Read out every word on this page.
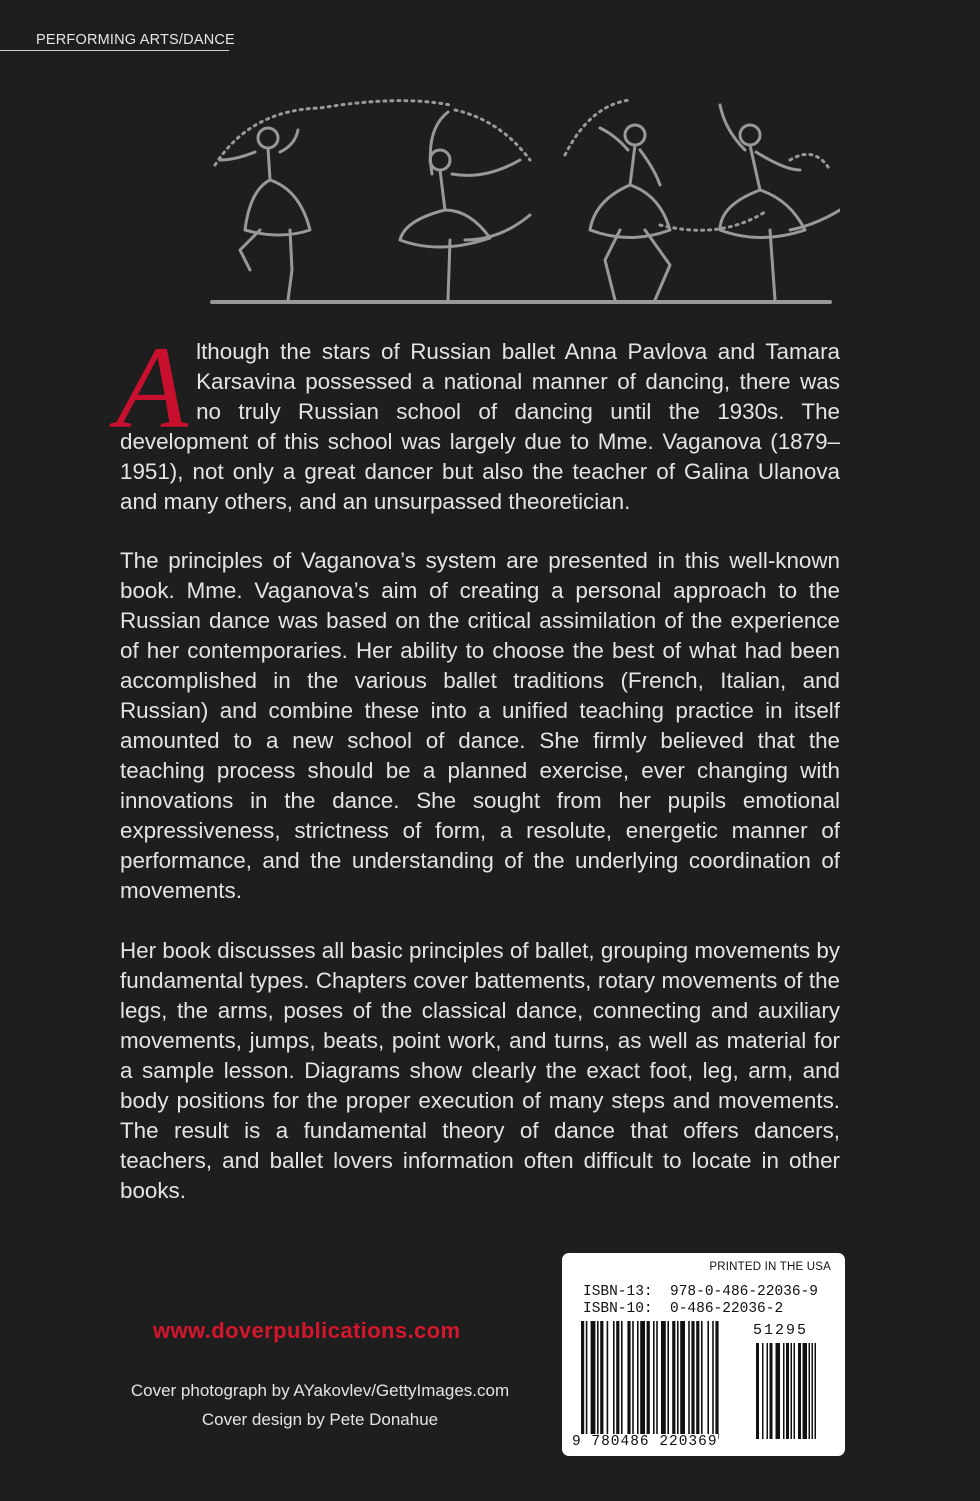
PERFORMING ARTS/DANCE
Although the stars of Russian ballet Anna Pavlova and Tamara Karsavina possessed a national manner of dancing, there was no truly Russian school of dancing until the 1930s. The development of this school was largely due to Mme. Vaganova (1879–1951), not only a great dancer but also the teacher of Galina Ulanova and many others, and an unsurpassed theoretician.
The principles of Vaganova’s system are presented in this well-known book. Mme. Vaganova’s aim of creating a personal approach to the Russian dance was based on the critical assimilation of the experience of her contemporaries. Her ability to choose the best of what had been accomplished in the various ballet traditions (French, Italian, and Russian) and combine these into a unified teaching practice in itself amounted to a new school of dance. She firmly believed that the teaching process should be a planned exercise, ever changing with innovations in the dance. She sought from her pupils emotional expressiveness, strictness of form, a resolute, energetic manner of performance, and the understanding of the underlying coordination of movements.
Her book discusses all basic principles of ballet, grouping movements by fundamental types. Chapters cover battements, rotary movements of the legs, the arms, poses of the classical dance, connecting and auxiliary movements, jumps, beats, point work, and turns, as well as material for a sample lesson. Diagrams show clearly the exact foot, leg, arm, and body positions for the proper execution of many steps and movements. The result is a fundamental theory of dance that offers dancers, teachers, and ballet lovers information often difficult to locate in other books.
www.doverpublications.com
Cover photograph by AYakovlev/GettyImages.com
Cover design by Pete Donahue
PRINTED IN THE USA
ISBN-13: 978-0-486-22036-9
ISBN-10: 0-486-22036-2
51295
9 780486 220369
